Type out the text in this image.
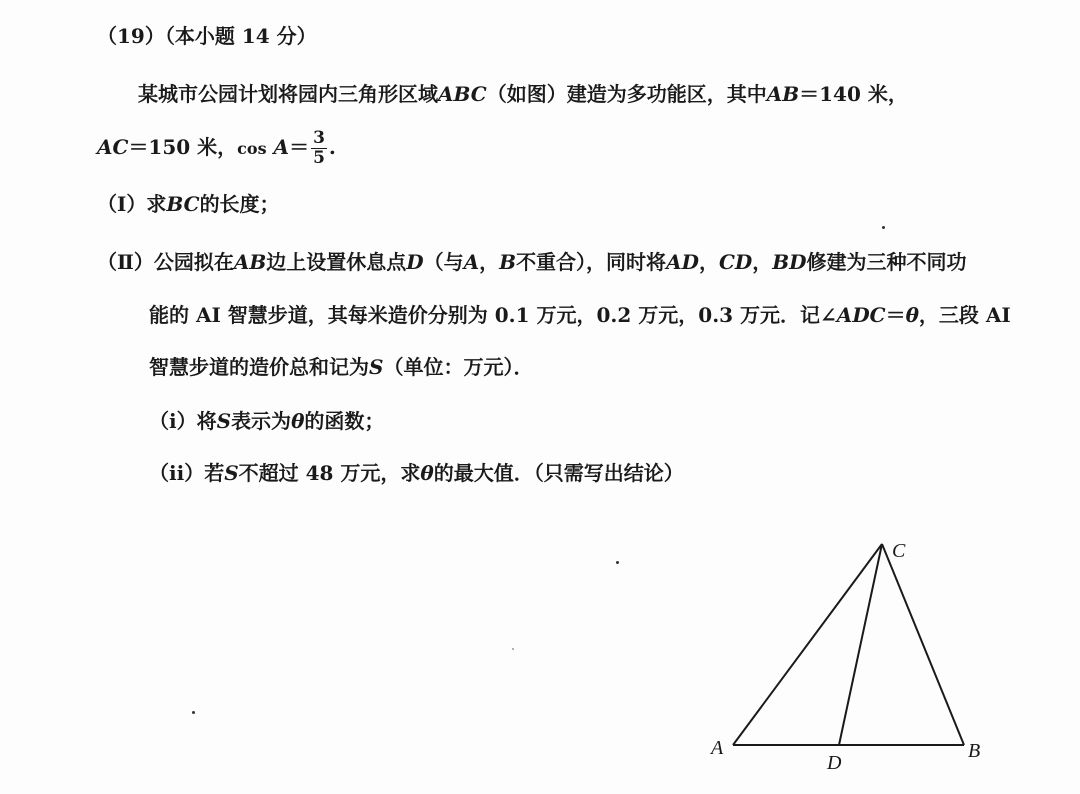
（19）（本小题 14 分）
某城市公园计划将园内三角形区域ABC（如图）建造为多功能区，其中AB＝140 米，
AC＝150 米，$\cos A= \frac{3}{5}$ .
（Ⅰ）求BC的长度；
（Ⅱ）公园拟在AB边上设置休息点D（与A，B不重合），同时将AD，CD，BD修建为三种不同功
能的 AI 智慧步道，其每米造价分别为 0.1 万元，0.2 万元，0.3 万元．记∠ADC＝θ，三段 AI
智慧步道的造价总和记为S（单位：万元）．
（i）将S表示为θ的函数；
（ii）若S不超过 48 万元，求θ的最大值．（只需写出结论）
A	B
C
D
